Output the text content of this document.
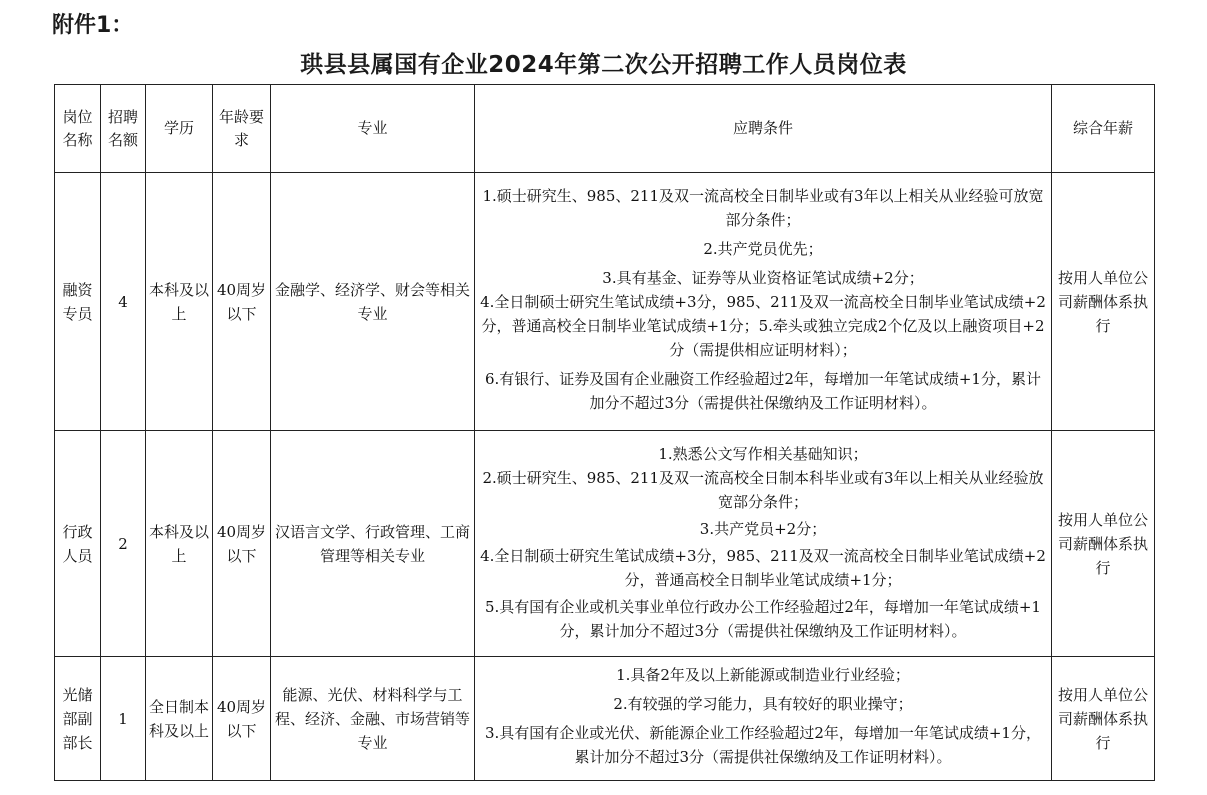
附件1：
珙县县属国有企业2024年第二次公开招聘工作人员岗位表
岗位名称	招聘名额	学历	年龄要求	专业	应聘条件	综合年薪
融资专员	4	本科及以上	40周岁以下	金融学、经济学、财会等相关专业	1.硕士研究生、985、211及双一流高校全日制毕业或有3年以上相关从业经验可放宽部分条件；
2.共产党员优先；
3.具有基金、证券等从业资格证笔试成绩+2分；
4.全日制硕士研究生笔试成绩+3分，985、211及双一流高校全日制毕业笔试成绩+2分，普通高校全日制毕业笔试成绩+1分；5.牵头或独立完成2个亿及以上融资项目+2分（需提供相应证明材料）；
6.有银行、证券及国有企业融资工作经验超过2年，每增加一年笔试成绩+1分，累计加分不超过3分（需提供社保缴纳及工作证明材料）。	按用人单位公司薪酬体系执行
行政人员	2	本科及以上	40周岁以下	汉语言文学、行政管理、工商管理等相关专业	1.熟悉公文写作相关基础知识；
2.硕士研究生、985、211及双一流高校全日制本科毕业或有3年以上相关从业经验放宽部分条件；
3.共产党员+2分；
4.全日制硕士研究生笔试成绩+3分，985、211及双一流高校全日制毕业笔试成绩+2分，普通高校全日制毕业笔试成绩+1分；
5.具有国有企业或机关事业单位行政办公工作经验超过2年，每增加一年笔试成绩+1分，累计加分不超过3分（需提供社保缴纳及工作证明材料）。	按用人单位公司薪酬体系执行
光储部副部长	1	全日制本科及以上	40周岁以下	能源、光伏、材料科学与工程、经济、金融、市场营销等专业	1.具备2年及以上新能源或制造业行业经验；
2.有较强的学习能力，具有较好的职业操守；
3.具有国有企业或光伏、新能源企业工作经验超过2年，每增加一年笔试成绩+1分，累计加分不超过3分（需提供社保缴纳及工作证明材料）。	按用人单位公司薪酬体系执行
